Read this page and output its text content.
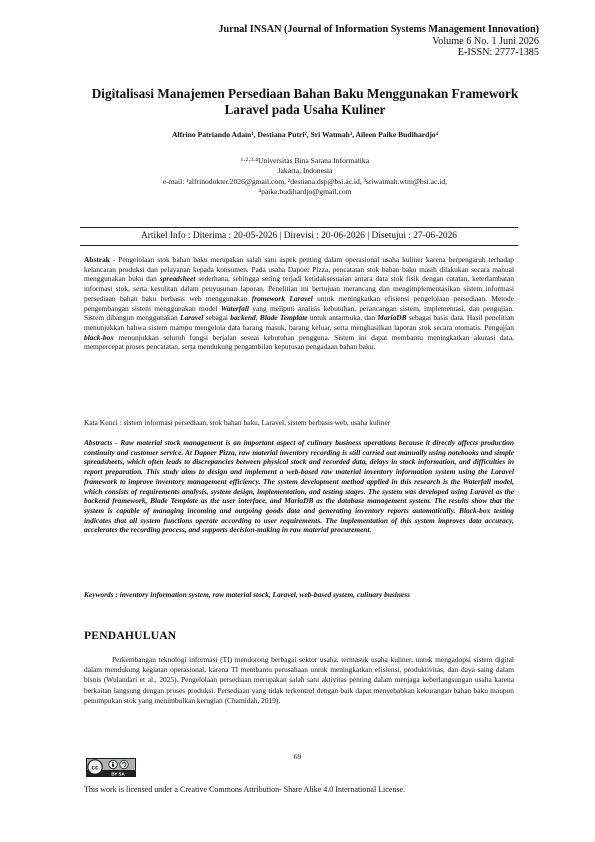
Jurnal INSAN (Journal of Information Systems Management Innovation)
Volume 6 No. 1 Juni 2026
E-ISSN: 2777-1385
Digitalisasi Manajemen Persediaan Bahan Baku Menggunakan Framework Laravel pada Usaha Kuliner
Alfrino Patriando Adam¹, Destiana Putri², Sri Watmah³, Aileen Paike Budihardjo⁴
¹·²·³·⁴Universitas Bina Sarana Informatika
Jakarta, Indonesia
e-mail: ¹alfrinodokter.2026@gmail.com, ²destiana.dsp@bsi.ac.id, ³sriwatmah.wtm@bsi.ac.id,
⁴paike.budihardjo@gmail.com
Artikel Info : Diterima : 20-05-2026 | Direvisi : 20-06-2026 | Disetujui : 27-06-2026
Abstrak - Pengelolaan stok bahan baku merupakan salah satu aspek penting dalam operasional usaha kuliner karena berpengaruh terhadap kelancaran produksi dan pelayanan kepada konsumen. Pada usaha Dapoer Pizza, pencatatan stok bahan baku masih dilakukan secara manual menggunakan buku dan spreadsheet sederhana, sehingga sering terjadi ketidaksesuaian antara data stok fisik dengan catatan, keterlambatan informasi stok, serta kesulitan dalam penyusunan laporan. Penelitian ini bertujuan merancang dan mengimplementasikan sistem informasi persediaan bahan baku berbasis web menggunakan framework Laravel untuk meningkatkan efisiensi pengelolaan persediaan. Metode pengembangan sistem menggunakan model Waterfall yang meliputi analisis kebutuhan, perancangan sistem, implementasi, dan pengujian. Sistem dibangun menggunakan Laravel sebagai backend, Blade Template untuk antarmuka, dan MariaDB sebagai basis data. Hasil penelitian menunjukkan bahwa sistem mampu mengelola data barang masuk, barang keluar, serta menghasilkan laporan stok secara otomatis. Pengujian black-box menunjukkan seluruh fungsi berjalan sesuai kebutuhan pengguna. Sistem ini dapat membantu meningkatkan akurasi data, mempercepat proses pencatatan, serta mendukung pengambilan keputusan pengadaan bahan baku.
Kata Kunci : sistem informasi persediaan, stok bahan baku, Laravel, sistem berbasis web, usaha kuliner
Abstracts - Raw material stock management is an important aspect of culinary business operations because it directly affects production continuity and customer service. At Dapoer Pizza, raw material inventory recording is still carried out manually using notebooks and simple spreadsheets, which often leads to discrepancies between physical stock and recorded data, delays in stock information, and difficulties in report preparation. This study aims to design and implement a web-based raw material inventory information system using the Laravel framework to improve inventory management efficiency. The system development method applied in this research is the Waterfall model, which consists of requirements analysis, system design, implementation, and testing stages. The system was developed using Laravel as the backend framework, Blade Template as the user interface, and MariaDB as the database management system. The results show that the system is capable of managing incoming and outgoing goods data and generating inventory reports automatically. Black-box testing indicates that all system functions operate according to user requirements. The implementation of this system improves data accuracy, accelerates the recording process, and supports decision-making in raw material procurement.
Keywords : inventory information system, raw material stock, Laravel, web-based system, culinary business
PENDAHULUAN
Perkembangan teknologi informasi (TI) mendorong berbagai sektor usaha, termasuk usaha kuliner, untuk mengadopsi sistem digital dalam mendukung kegiatan operasional, karena TI membantu perusahaan untuk meningkatkan efisiensi, produktivitas, dan daya saing dalam bisnis (Wulandari et al., 2025). Pengelolaan persediaan merupakan salah satu aktivitas penting dalam menjaga keberlangsungan usaha karena berkaitan langsung dengan proses produksi. Persediaan yang tidak terkontrol dengan baik dapat menyebabkan kekurangan bahan baku maupun penumpukan stok yang menimbulkan kerugian (Chamidah, 2019).
69
cc
BY SA
This work is licensed under a Creative Commons Attribution- Share Alike 4.0 International License.
